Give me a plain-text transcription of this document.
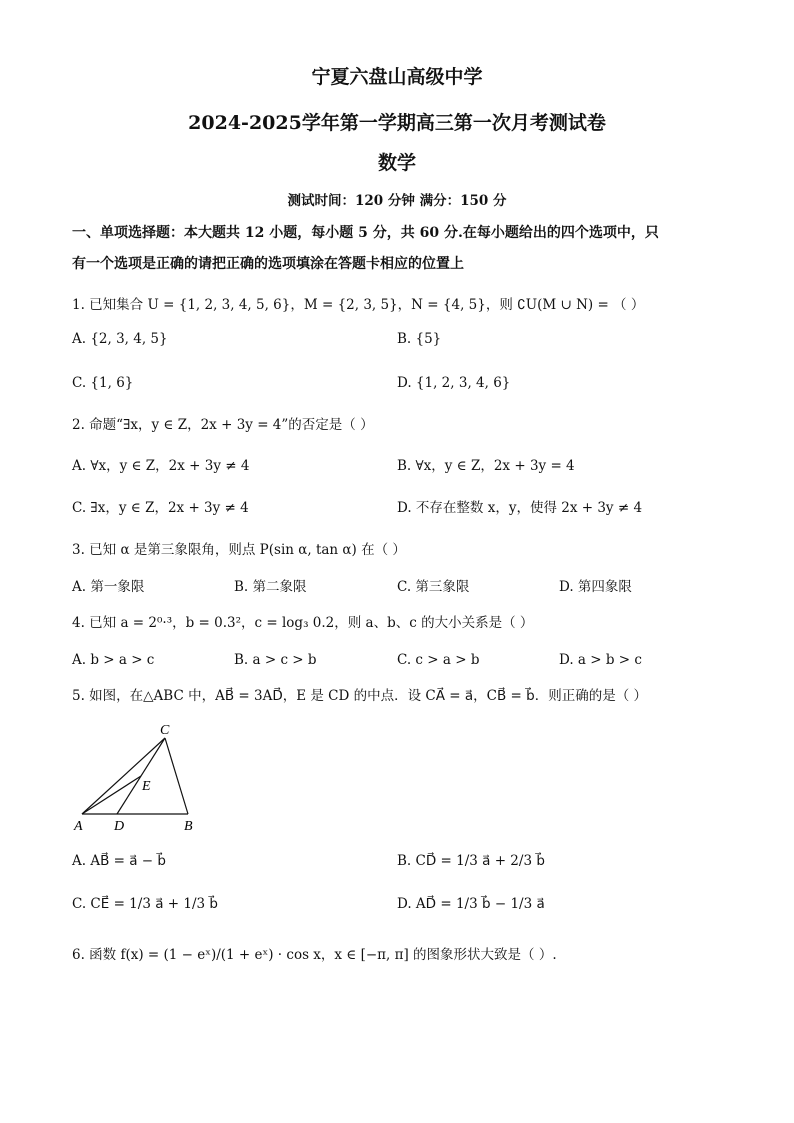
宁夏六盘山高级中学
2024-2025学年第一学期高三第一次月考测试卷
数学
测试时间：120 分钟 满分：150 分
一、单项选择题：本大题共 12 小题，每小题 5 分，共 60 分.在每小题给出的四个选项中，只
有一个选项是正确的请把正确的选项填涂在答题卡相应的位置上
1. 已知集合 U = {1, 2, 3, 4, 5, 6}，M = {2, 3, 5}，N = {4, 5}，则 ∁U(M ∪ N) = （ ）
A. {2, 3, 4, 5}	B. {5}
C. {1, 6}	D. {1, 2, 3, 4, 6}
2. 命题“∃x，y ∈ Z，2x + 3y = 4”的否定是（ ）
A. ∀x，y ∈ Z，2x + 3y ≠ 4	B. ∀x，y ∈ Z，2x + 3y = 4
C. ∃x，y ∈ Z，2x + 3y ≠ 4	D. 不存在整数 x，y，使得 2x + 3y ≠ 4
3. 已知 α 是第三象限角，则点 P(sin α, tan α) 在（ ）
A. 第一象限	B. 第二象限	C. 第三象限	D. 第四象限
4. 已知 a = 2⁰·³，b = 0.3²，c = log₃ 0.2，则 a、b、c 的大小关系是（ ）
A. b > a > c	B. a > c > b	C. c > a > b	D. a > b > c
5. 如图，在△ABC 中，AB⃗ = 3AD⃗，E 是 CD 的中点．设 CA⃗ = a⃗，CB⃗ = b⃗．则正确的是（ ）
C
E
A D	B
A. AB⃗ = a⃗ − b⃗	B. CD⃗ = 1/3 a⃗ + 2/3 b⃗
C. CE⃗ = 1/3 a⃗ + 1/3 b⃗	D. AD⃗ = 1/3 b⃗ − 1/3 a⃗
6. 函数 f(x) = (1 − eˣ)/(1 + eˣ) · cos x，x ∈ [−π, π] 的图象形状大致是（ ）.
